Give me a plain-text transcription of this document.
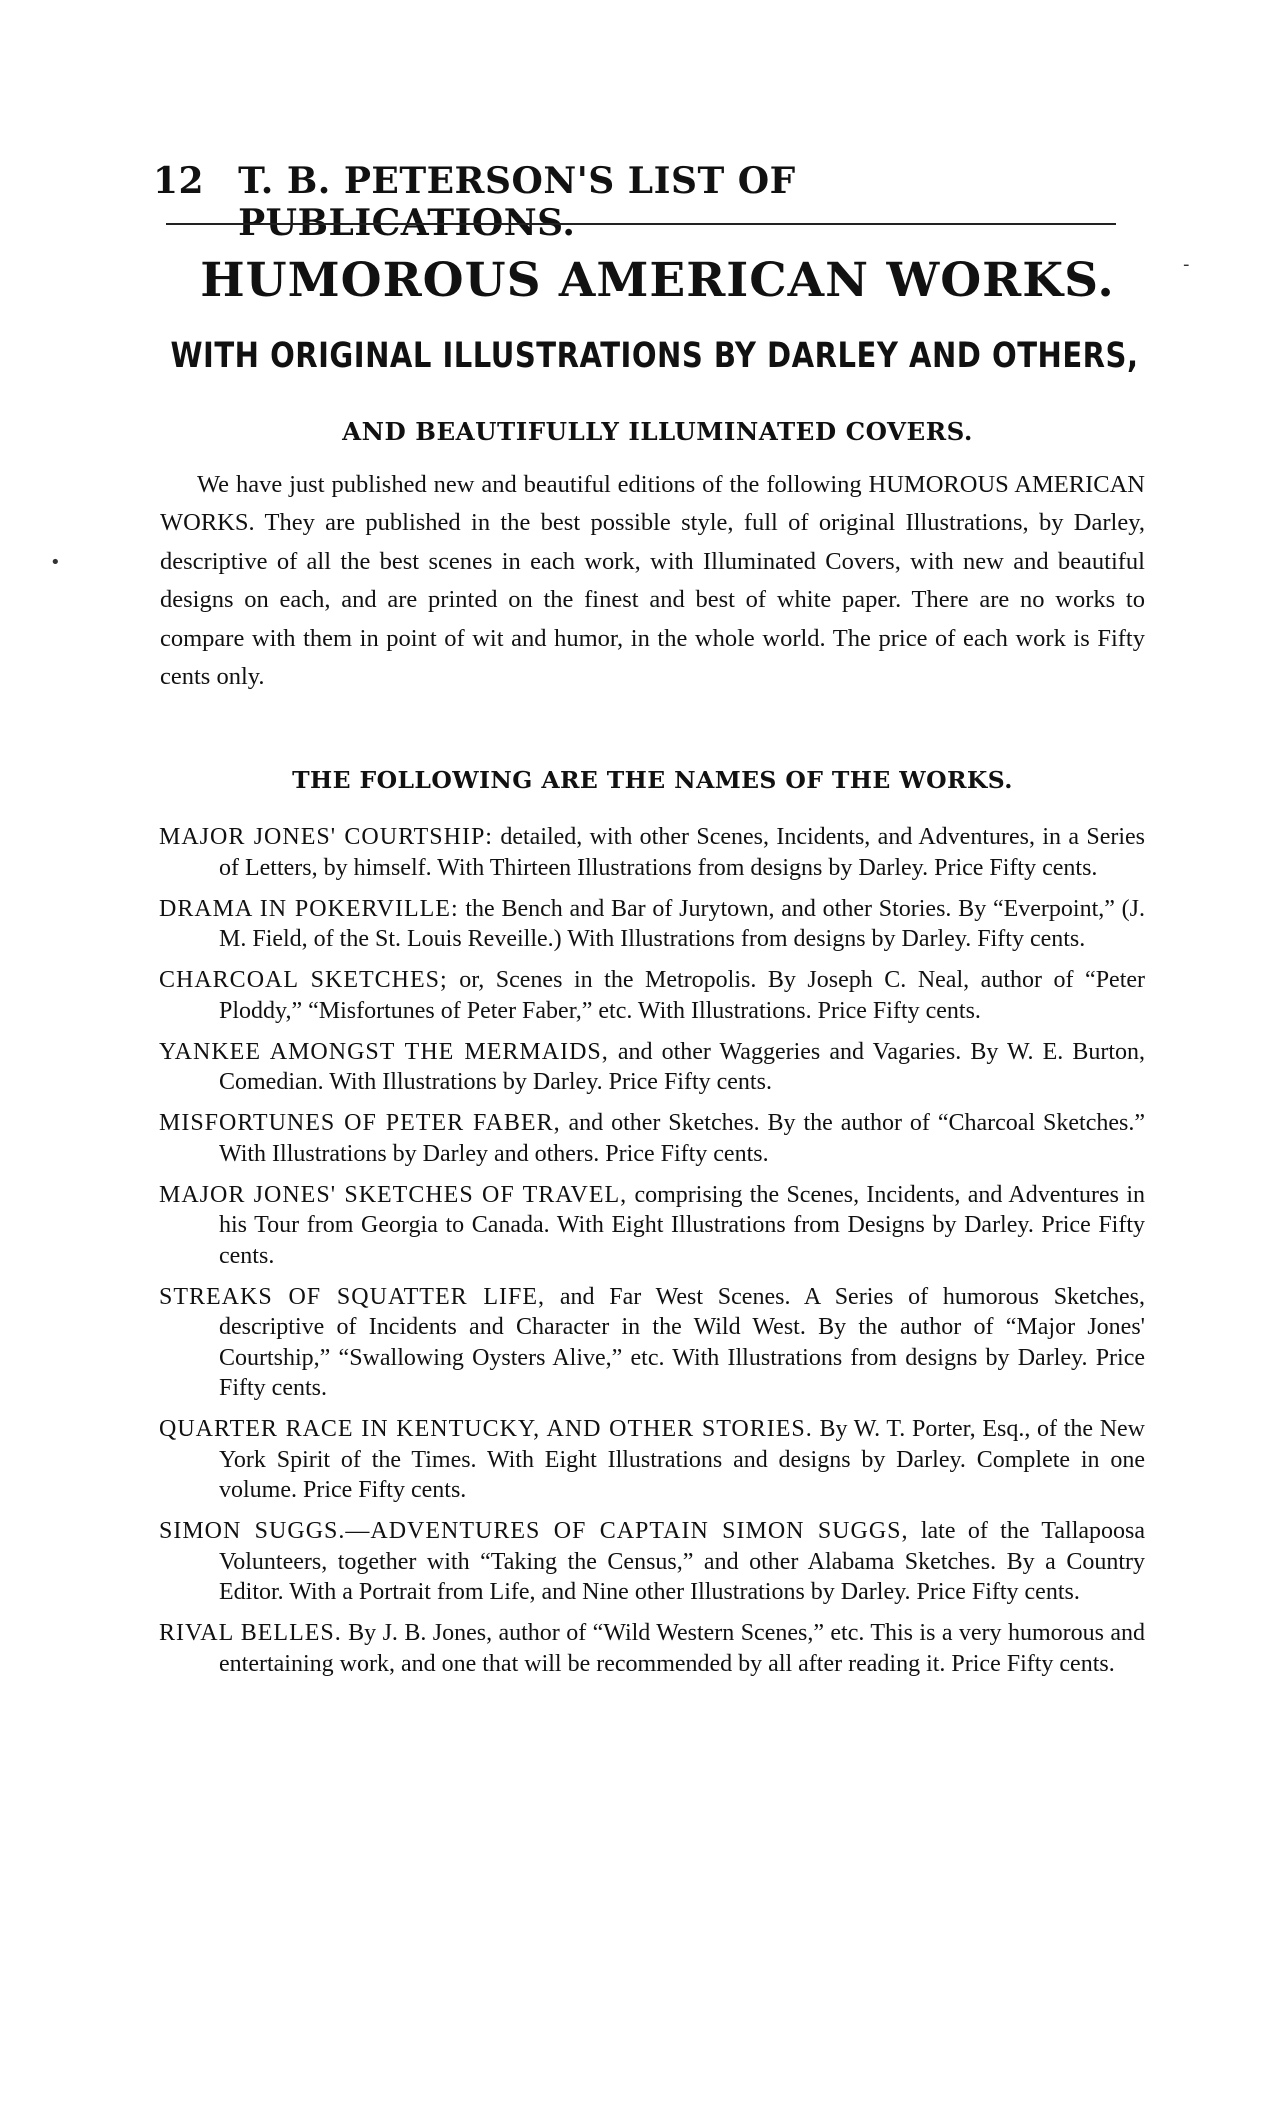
12 T. B. PETERSON'S LIST OF PUBLICATIONS.
HUMOROUS AMERICAN WORKS.
WITH ORIGINAL ILLUSTRATIONS BY DARLEY AND OTHERS,
AND BEAUTIFULLY ILLUMINATED COVERS.

We have just published new and beautiful editions of the following HUMOROUS AMERICAN WORKS. They are published in the best possible style, full of original Illustrations, by Darley, descriptive of all the best scenes in each work, with Illuminated Covers, with new and beautiful designs on each, and are printed on the finest and best of white paper. There are no works to compare with them in point of wit and humor, in the whole world. The price of each work is Fifty cents only.

THE FOLLOWING ARE THE NAMES OF THE WORKS.
MAJOR JONES' COURTSHIP: detailed, with other Scenes, Incidents, and Adventures, in a Series of Letters, by himself. With Thirteen Illustrations from designs by Darley. Price Fifty cents.
DRAMA IN POKERVILLE: the Bench and Bar of Jurytown, and other Stories. By “Everpoint,” (J. M. Field, of the St. Louis Reveille.) With Illustrations from designs by Darley. Fifty cents.
CHARCOAL SKETCHES; or, Scenes in the Metropolis. By Joseph C. Neal, author of “Peter Ploddy,” “Misfortunes of Peter Faber,” etc. With Illustrations. Price Fifty cents.
YANKEE AMONGST THE MERMAIDS, and other Waggeries and Vagaries. By W. E. Burton, Comedian. With Illustrations by Darley. Price Fifty cents.
MISFORTUNES OF PETER FABER, and other Sketches. By the author of “Charcoal Sketches.” With Illustrations by Darley and others. Price Fifty cents.
MAJOR JONES' SKETCHES OF TRAVEL, comprising the Scenes, Incidents, and Adventures in his Tour from Georgia to Canada. With Eight Illustrations from Designs by Darley. Price Fifty cents.
STREAKS OF SQUATTER LIFE, and Far West Scenes. A Series of humorous Sketches, descriptive of Incidents and Character in the Wild West. By the author of “Major Jones' Courtship,” “Swallowing Oysters Alive,” etc. With Illustrations from designs by Darley. Price Fifty cents.
QUARTER RACE IN KENTUCKY, AND OTHER STORIES. By W. T. Porter, Esq., of the New York Spirit of the Times. With Eight Illustrations and designs by Darley. Complete in one volume. Price Fifty cents.
SIMON SUGGS.—ADVENTURES OF CAPTAIN SIMON SUGGS, late of the Tallapoosa Volunteers, together with “Taking the Census,” and other Alabama Sketches. By a Country Editor. With a Portrait from Life, and Nine other Illustrations by Darley. Price Fifty cents.
RIVAL BELLES. By J. B. Jones, author of “Wild Western Scenes,” etc. This is a very humorous and entertaining work, and one that will be recommended by all after reading it. Price Fifty cents.
-
•
